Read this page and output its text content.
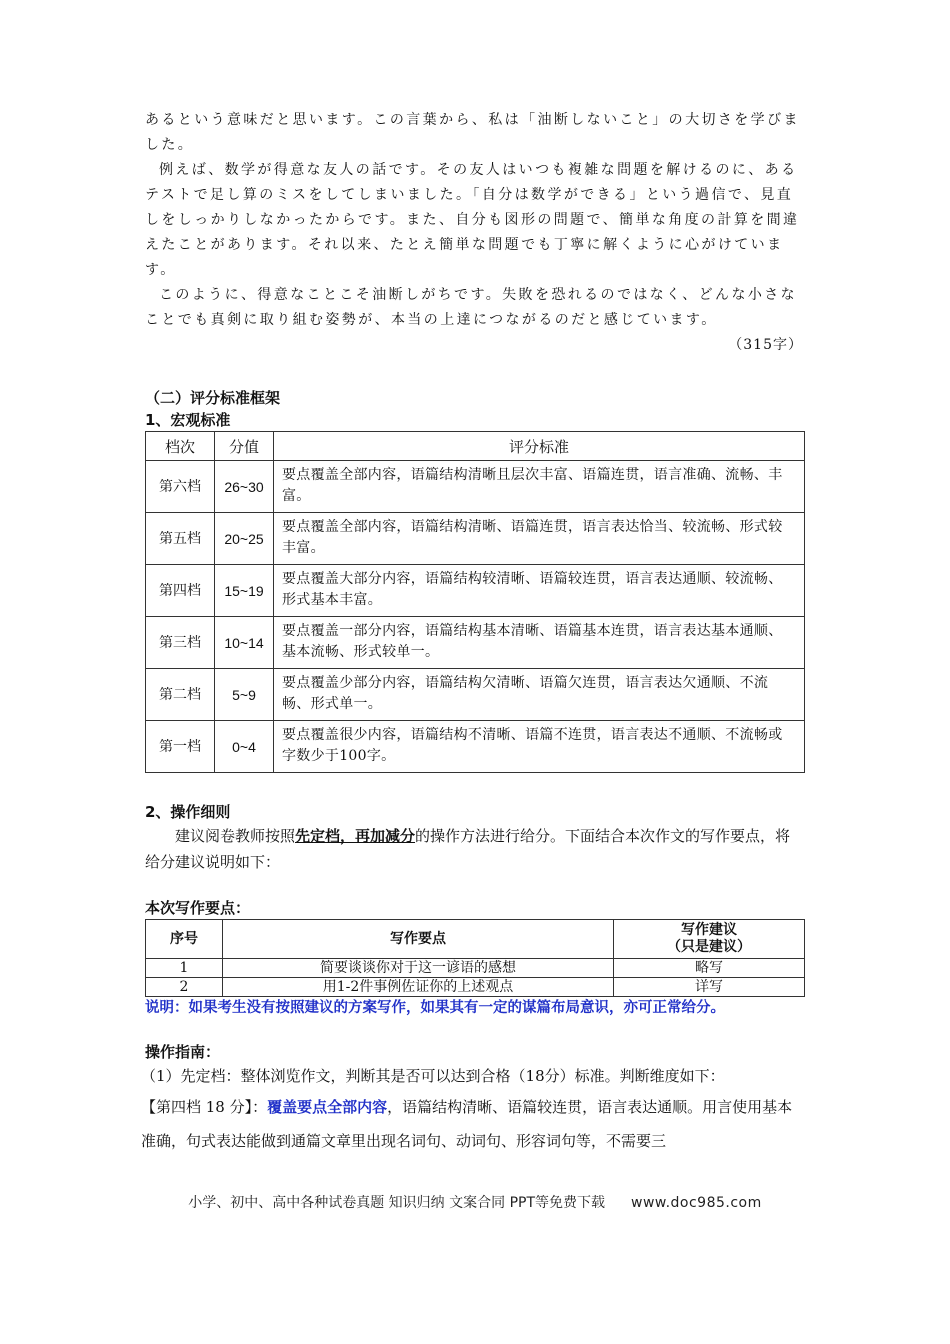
あるという意味だと思います。この言葉から、私は「油断しないこと」の大切さを学びました。

例えば、数学が得意な友人の話です。その友人はいつも複雑な問題を解けるのに、あるテストで足し算のミスをしてしまいました。「自分は数学ができる」という過信で、見直しをしっかりしなかったからです。また、自分も図形の問題で、簡単な角度の計算を間違えたことがあります。それ以来、たとえ簡単な問題でも丁寧に解くように心がけています。

このように、得意なことこそ油断しがちです。失敗を恐れるのではなく、どんな小さなことでも真剣に取り組む姿勢が、本当の上達につながるのだと感じています。

（315字）

（二）评分标准框架

1、宏观标准

档次	分值	评分标准
第六档	26~30	要点覆盖全部内容，语篇结构清晰且层次丰富、语篇连贯，语言准确、流畅、丰富。
第五档	20~25	要点覆盖全部内容，语篇结构清晰、语篇连贯，语言表达恰当、较流畅、形式较丰富。
第四档	15~19	要点覆盖大部分内容，语篇结构较清晰、语篇较连贯，语言表达通顺、较流畅、形式基本丰富。
第三档	10~14	要点覆盖一部分内容，语篇结构基本清晰、语篇基本连贯，语言表达基本通顺、基本流畅、形式较单一。
第二档	5~9	要点覆盖少部分内容，语篇结构欠清晰、语篇欠连贯，语言表达欠通顺、不流畅、形式单一。
第一档	0~4	要点覆盖很少内容，语篇结构不清晰、语篇不连贯，语言表达不通顺、不流畅或字数少于100字。

2、操作细则

建议阅卷教师按照先定档，再加减分的操作方法进行给分。下面结合本次作文的写作要点，将给分建议说明如下：

本次写作要点：

序号	写作要点	写作建议
（只是建议）
1	简要谈谈你对于这一谚语的感想	略写
2	用1-2件事例佐证你的上述观点	详写

说明：如果考生没有按照建议的方案写作，如果其有一定的谋篇布局意识，亦可正常给分。

操作指南：

（1）先定档：整体浏览作文，判断其是否可以达到合格（18分）标准。判断维度如下：

【第四档 18 分】：覆盖要点全部内容，语篇结构清晰、语篇较连贯，语言表达通顺。用言使用基本准确，句式表达能做到通篇文章里出现名词句、动词句、形容词句等，不需要三

小学、初中、高中各种试卷真题 知识归纳 文案合同 PPT等免费下载 www.doc985.com
